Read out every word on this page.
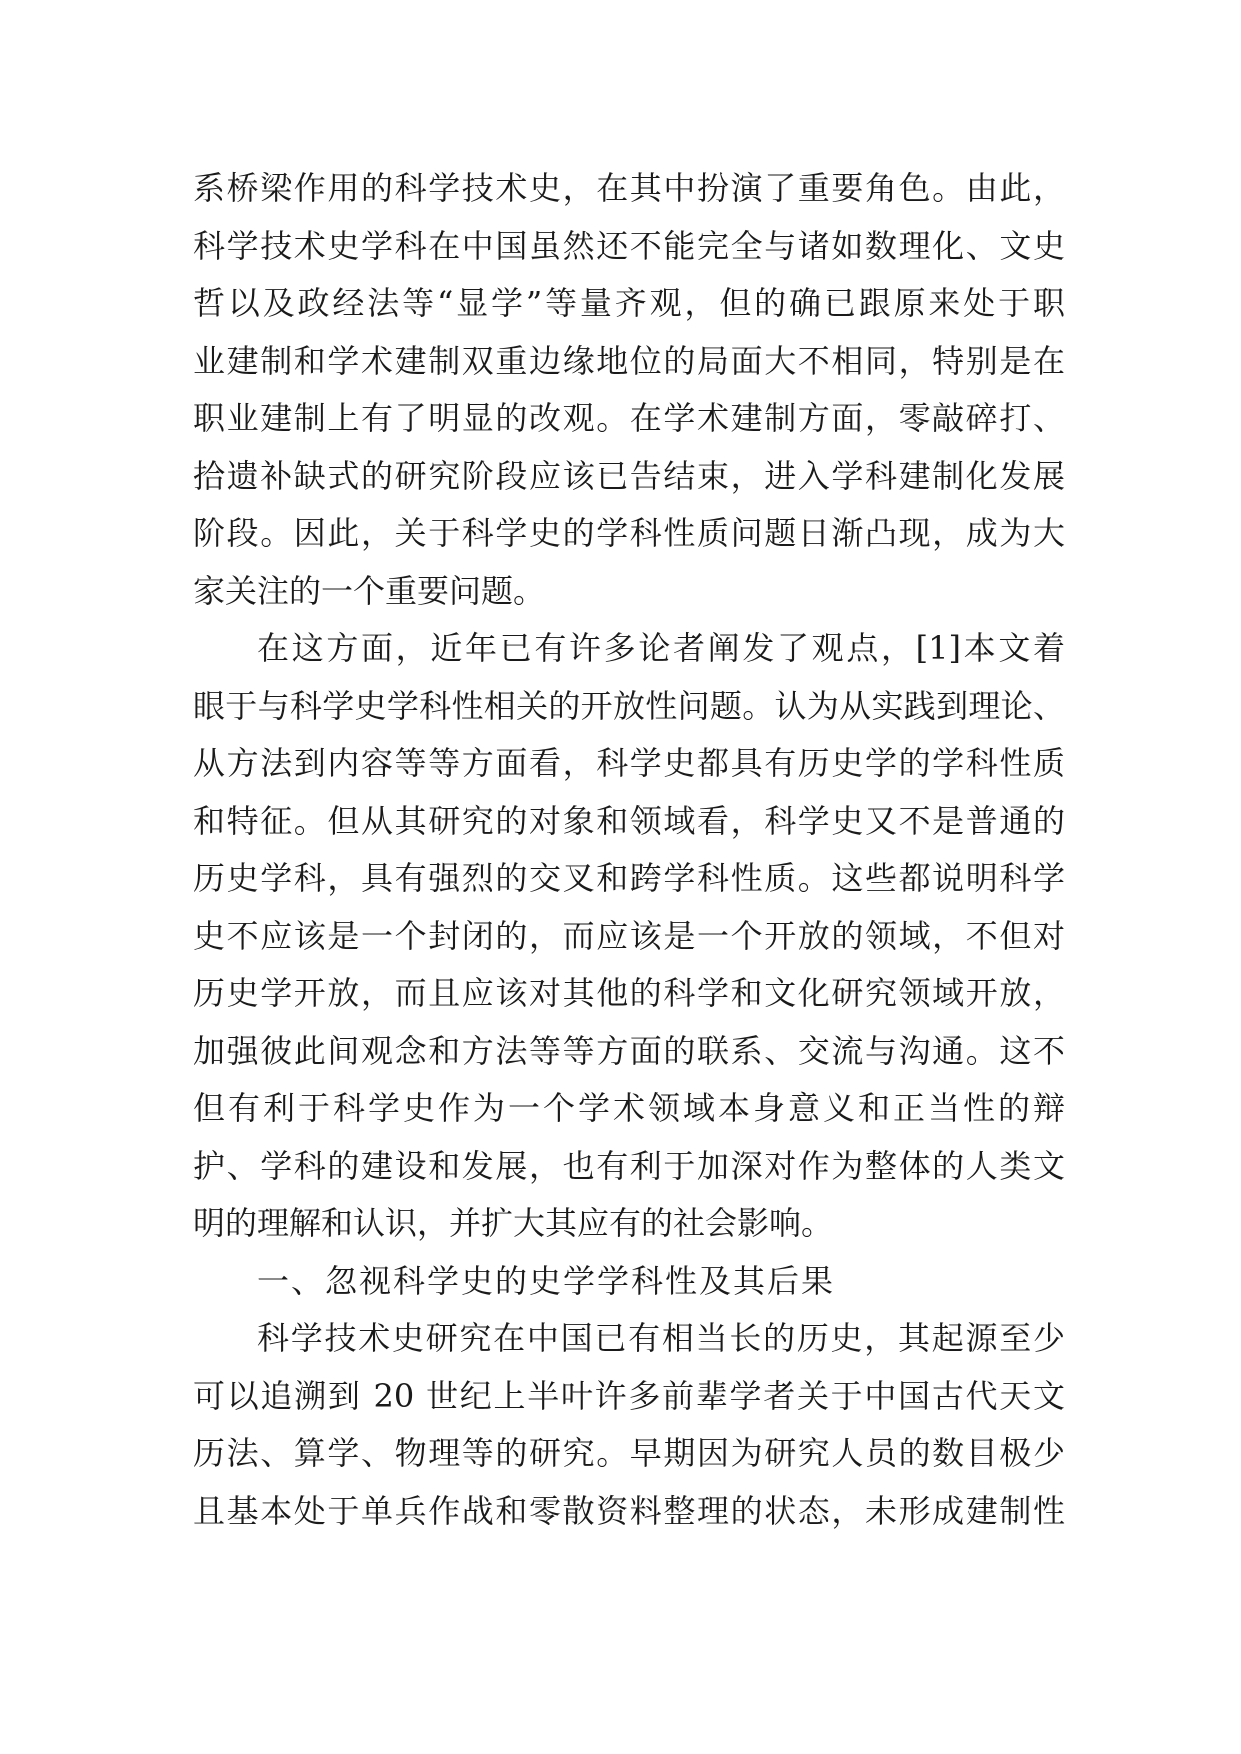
系桥梁作用的科学技术史，在其中扮演了重要角色。由此，
科学技术史学科在中国虽然还不能完全与诸如数理化、文史
哲以及政经法等“显学”等量齐观，但的确已跟原来处于职
业建制和学术建制双重边缘地位的局面大不相同，特别是在
职业建制上有了明显的改观。在学术建制方面，零敲碎打、
拾遗补缺式的研究阶段应该已告结束，进入学科建制化发展
阶段。因此，关于科学史的学科性质问题日渐凸现，成为大
家关注的一个重要问题。
在这方面，近年已有许多论者阐发了观点，[1]本文着
眼于与科学史学科性相关的开放性问题。认为从实践到理论、
从方法到内容等等方面看，科学史都具有历史学的学科性质
和特征。但从其研究的对象和领域看，科学史又不是普通的
历史学科，具有强烈的交叉和跨学科性质。这些都说明科学
史不应该是一个封闭的，而应该是一个开放的领域，不但对
历史学开放，而且应该对其他的科学和文化研究领域开放，
加强彼此间观念和方法等等方面的联系、交流与沟通。这不
但有利于科学史作为一个学术领域本身意义和正当性的辩
护、学科的建设和发展，也有利于加深对作为整体的人类文
明的理解和认识，并扩大其应有的社会影响。
一、忽视科学史的史学学科性及其后果
科学技术史研究在中国已有相当长的历史，其起源至少
可以追溯到 20 世纪上半叶许多前辈学者关于中国古代天文
历法、算学、物理等的研究。早期因为研究人员的数目极少
且基本处于单兵作战和零散资料整理的状态，未形成建制性
